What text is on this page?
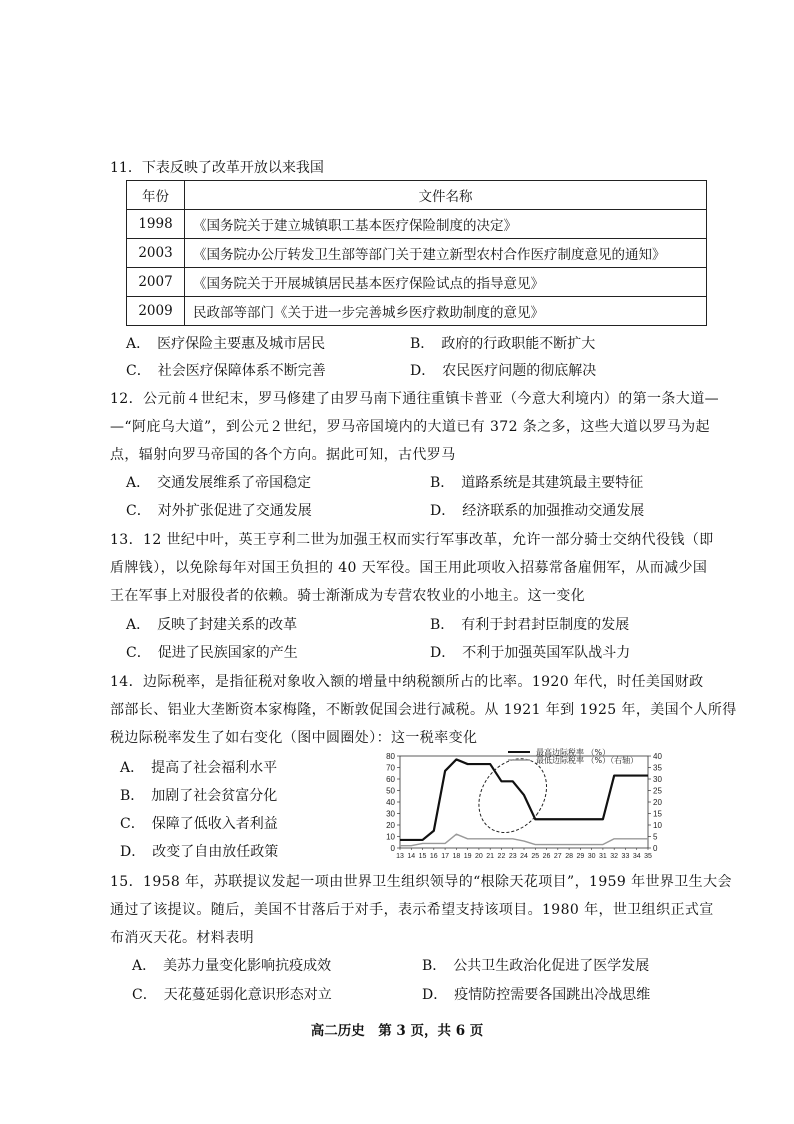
11．下表反映了改革开放以来我国
年份	文件名称
1998	《国务院关于建立城镇职工基本医疗保险制度的决定》
2003	《国务院办公厅转发卫生部等部门关于建立新型农村合作医疗制度意见的通知》
2007	《国务院关于开展城镇居民基本医疗保险试点的指导意见》
2009	民政部等部门《关于进一步完善城乡医疗救助制度的意见》
A．　医疗保险主要惠及城市居民	B．　政府的行政职能不断扩大
C．　社会医疗保障体系不断完善	D．　农民医疗问题的彻底解决
12．公元前４世纪末，罗马修建了由罗马南下通往重镇卡普亚（今意大利境内）的第一条大道—
—“阿庇乌大道”，到公元２世纪，罗马帝国境内的大道已有 372 条之多，这些大道以罗马为起
点，辐射向罗马帝国的各个方向。据此可知，古代罗马
A．　交通发展维系了帝国稳定	B．　道路系统是其建筑最主要特征
C．　对外扩张促进了交通发展	D．　经济联系的加强推动交通发展
13．12 世纪中叶，英王亨利二世为加强王权而实行军事改革，允许一部分骑士交纳代役钱（即
盾牌钱），以免除每年对国王负担的 40 天军役。国王用此项收入招募常备雇佣军，从而减少国
王在军事上对服役者的依赖。骑士渐渐成为专营农牧业的小地主。这一变化
A．　反映了封建关系的改革	B．　有利于封君封臣制度的发展
C．　促进了民族国家的产生	D．　不利于加强英国军队战斗力
14．边际税率，是指征税对象收入额的增量中纳税额所占的比率。1920 年代，时任美国财政
部部长、铝业大垄断资本家梅隆，不断敦促国会进行减税。从 1921 年到 1925 年，美国个人所得
税边际税率发生了如右变化（图中圆圈处）：这一税率变化
A．　提高了社会福利水平
B．　加剧了社会贫富分化
C．　保障了低收入者利益
D．　改变了自由放任政策	0
10
20
30
40
50
60
70
80
0
5
10
15
20
25
30
35
40
13 14 15 16 17 18 19 20 21 22 23 24 25 26 27 28 29 30 31 32 33 34 35
最高边际税率 （%）
最低边际税率 （%）（右轴）
15．1958 年，苏联提议发起一项由世界卫生组织领导的“根除天花项目”，1959 年世界卫生大会
通过了该提议。随后，美国不甘落后于对手，表示希望支持该项目。1980 年，世卫组织正式宣
布消灭天花。材料表明
A．　美苏力量变化影响抗疫成效	B．　公共卫生政治化促进了医学发展
C．　天花蔓延弱化意识形态对立	D．　疫情防控需要各国跳出冷战思维
高二历史　第 3 页，共 6 页
